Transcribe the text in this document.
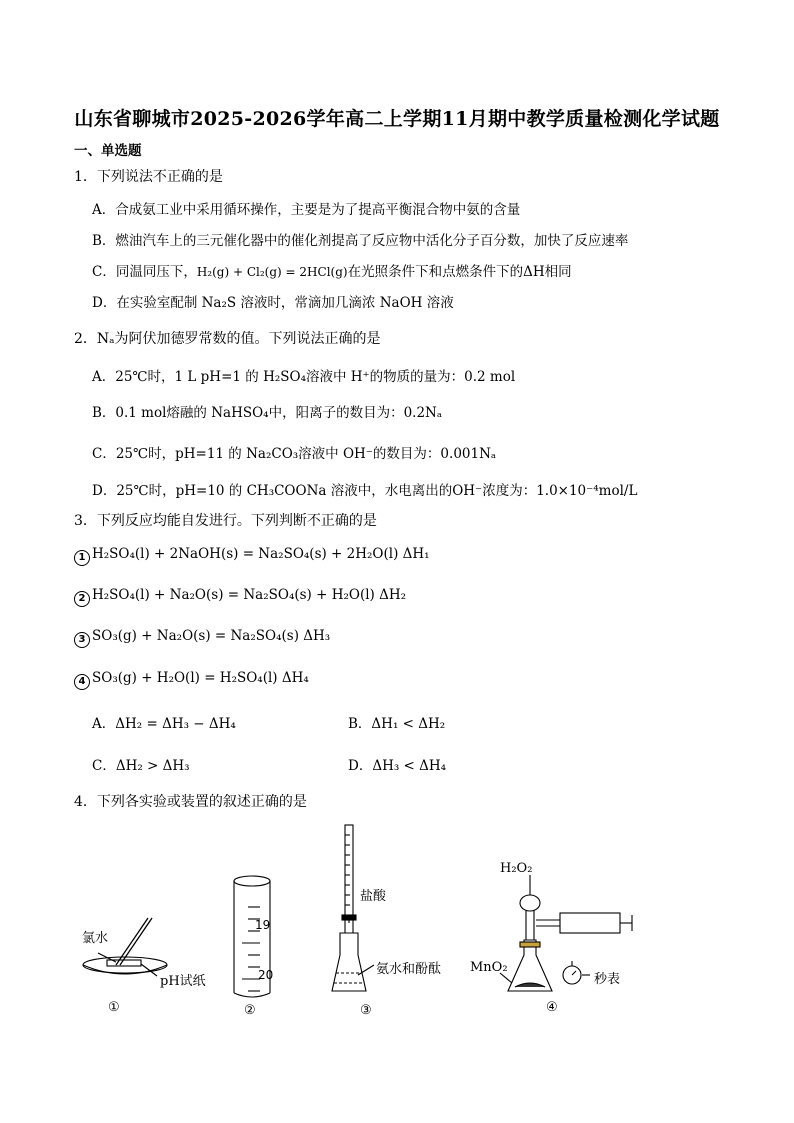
山东省聊城市2025-2026学年高二上学期11月期中教学质量检测化学试题
一、单选题
1．下列说法不正确的是
A．合成氨工业中采用循环操作，主要是为了提高平衡混合物中氨的含量
B．燃油汽车上的三元催化器中的催化剂提高了反应物中活化分子百分数，加快了反应速率
C．同温同压下，H₂(g) + Cl₂(g) = 2HCl(g)在光照条件下和点燃条件下的ΔH相同
D．在实验室配制 Na₂S 溶液时，常滴加几滴浓 NaOH 溶液
2．Nₐ为阿伏加德罗常数的值。下列说法正确的是
A．25℃时，1 L pH=1 的 H₂SO₄溶液中 H⁺的物质的量为：0.2 mol
B．0.1 mol熔融的 NaHSO₄中，阳离子的数目为：0.2Nₐ
C．25℃时，pH=11 的 Na₂CO₃溶液中 OH⁻的数目为：0.001Nₐ
D．25℃时，pH=10 的 CH₃COONa 溶液中，水电离出的OH⁻浓度为：1.0×10⁻⁴mol/L
3．下列反应均能自发进行。下列判断不正确的是
1 H₂SO₄(l) + 2NaOH(s) = Na₂SO₄(s) + 2H₂O(l) ΔH₁
2 H₂SO₄(l) + Na₂O(s) = Na₂SO₄(s) + H₂O(l) ΔH₂
3 SO₃(g) + Na₂O(s) = Na₂SO₄(s) ΔH₃
4 SO₃(g) + H₂O(l) = H₂SO₄(l) ΔH₄
A．ΔH₂ = ΔH₃ − ΔH₄	B．ΔH₁ < ΔH₂
C．ΔH₂ > ΔH₃	D．ΔH₃ < ΔH₄
4．下列各实验或装置的叙述正确的是
氯水
pH试纸
①
19
20
②
盐酸
氨水和酚酞
③
H₂O₂
MnO₂
秒表
④
